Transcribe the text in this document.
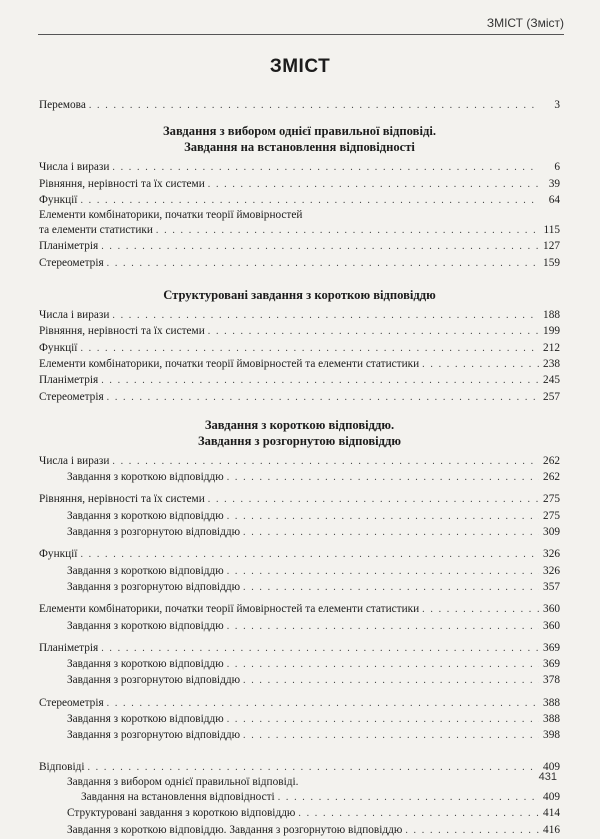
ЗМІСТ (Зміст)
ЗМІСТ
Перемова . . .	3
Завдання з вибором однієї правильної відповіді.
Завдання на встановлення відповідності
Числа і вирази . . .	6
Рівняння, нерівності та їх системи . . .	39
Функції . . .	64
Елементи комбінаторики, початки теорії ймовірностей
та елементи статистики . . .	115
Планіметрія . . .	127
Стереометрія . . .	159
Структуровані завдання з короткою відповіддю
Числа і вирази . . .	188
Рівняння, нерівності та їх системи . . .	199
Функції . . .	212
Елементи комбінаторики, початки теорії ймовірностей та елементи статистики . . .	238
Планіметрія . . .	245
Стереометрія . . .	257
Завдання з короткою відповіддю.
Завдання з розгорнутою відповіддю
Числа і вирази . . .	262
Завдання з короткою відповіддю . . .	262
Рівняння, нерівності та їх системи . . .	275
Завдання з короткою відповіддю . . .	275
Завдання з розгорнутою відповіддю . . .	309
Функції . . .	326
Завдання з короткою відповіддю . . .	326
Завдання з розгорнутою відповіддю . . .	357
Елементи комбінаторики, початки теорії ймовірностей та елементи статистики . . .	360
Завдання з короткою відповіддю . . .	360
Планіметрія . . .	369
Завдання з короткою відповіддю . . .	369
Завдання з розгорнутою відповіддю . . .	378
Стереометрія . . .	388
Завдання з короткою відповіддю . . .	388
Завдання з розгорнутою відповіддю . . .	398
Відповіді . . .	409
Завдання з вибором однієї правильної відповіді.
Завдання на встановлення відповідності . . .	409
Структуровані завдання з короткою відповіддю . . .	414
Завдання з короткою відповіддю. Завдання з розгорнутою відповіддю . . .	416
431
